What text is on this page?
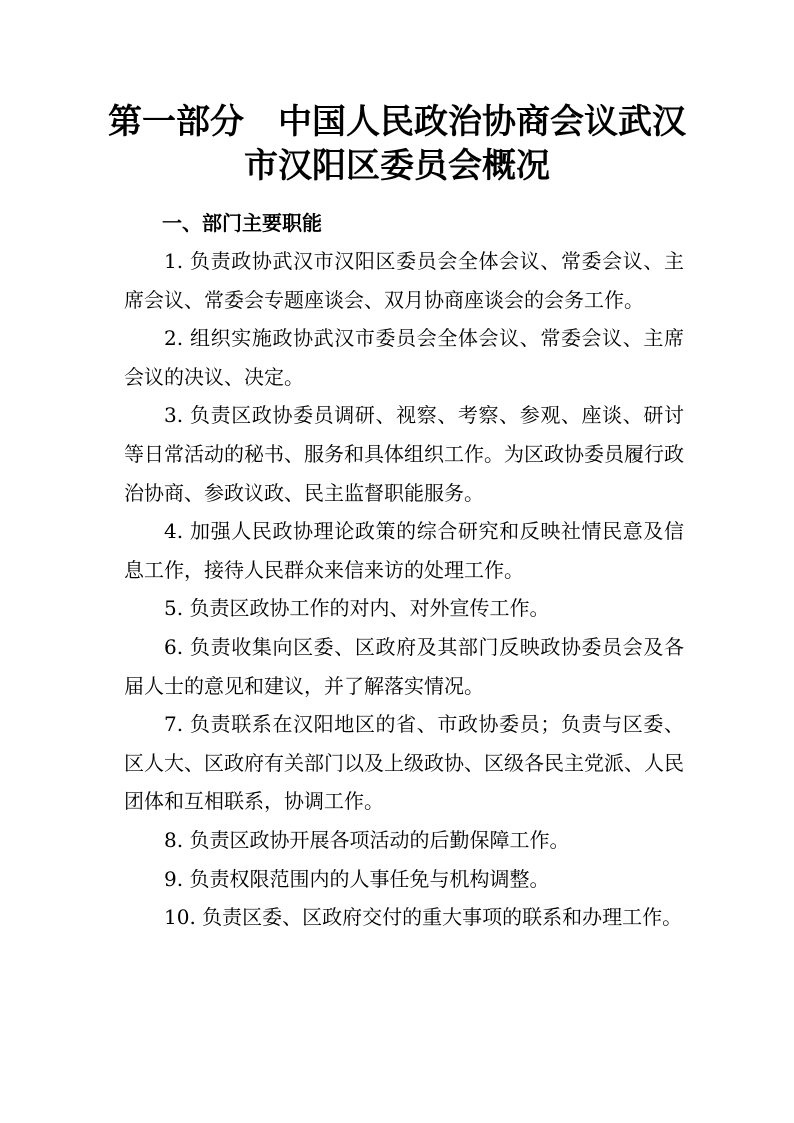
第一部分　中国人民政治协商会议武汉
市汉阳区委员会概况
一、部门主要职能

1. 负责政协武汉市汉阳区委员会全体会议、常委会议、主席会议、常委会专题座谈会、双月协商座谈会的会务工作。

2. 组织实施政协武汉市委员会全体会议、常委会议、主席会议的决议、决定。

3. 负责区政协委员调研、视察、考察、参观、座谈、研讨等日常活动的秘书、服务和具体组织工作。为区政协委员履行政治协商、参政议政、民主监督职能服务。

4. 加强人民政协理论政策的综合研究和反映社情民意及信息工作，接待人民群众来信来访的处理工作。

5. 负责区政协工作的对内、对外宣传工作。

6. 负责收集向区委、区政府及其部门反映政协委员会及各届人士的意见和建议，并了解落实情况。

7. 负责联系在汉阳地区的省、市政协委员；负责与区委、区人大、区政府有关部门以及上级政协、区级各民主党派、人民团体和互相联系，协调工作。

8. 负责区政协开展各项活动的后勤保障工作。

9. 负责权限范围内的人事任免与机构调整。

10. 负责区委、区政府交付的重大事项的联系和办理工作。
